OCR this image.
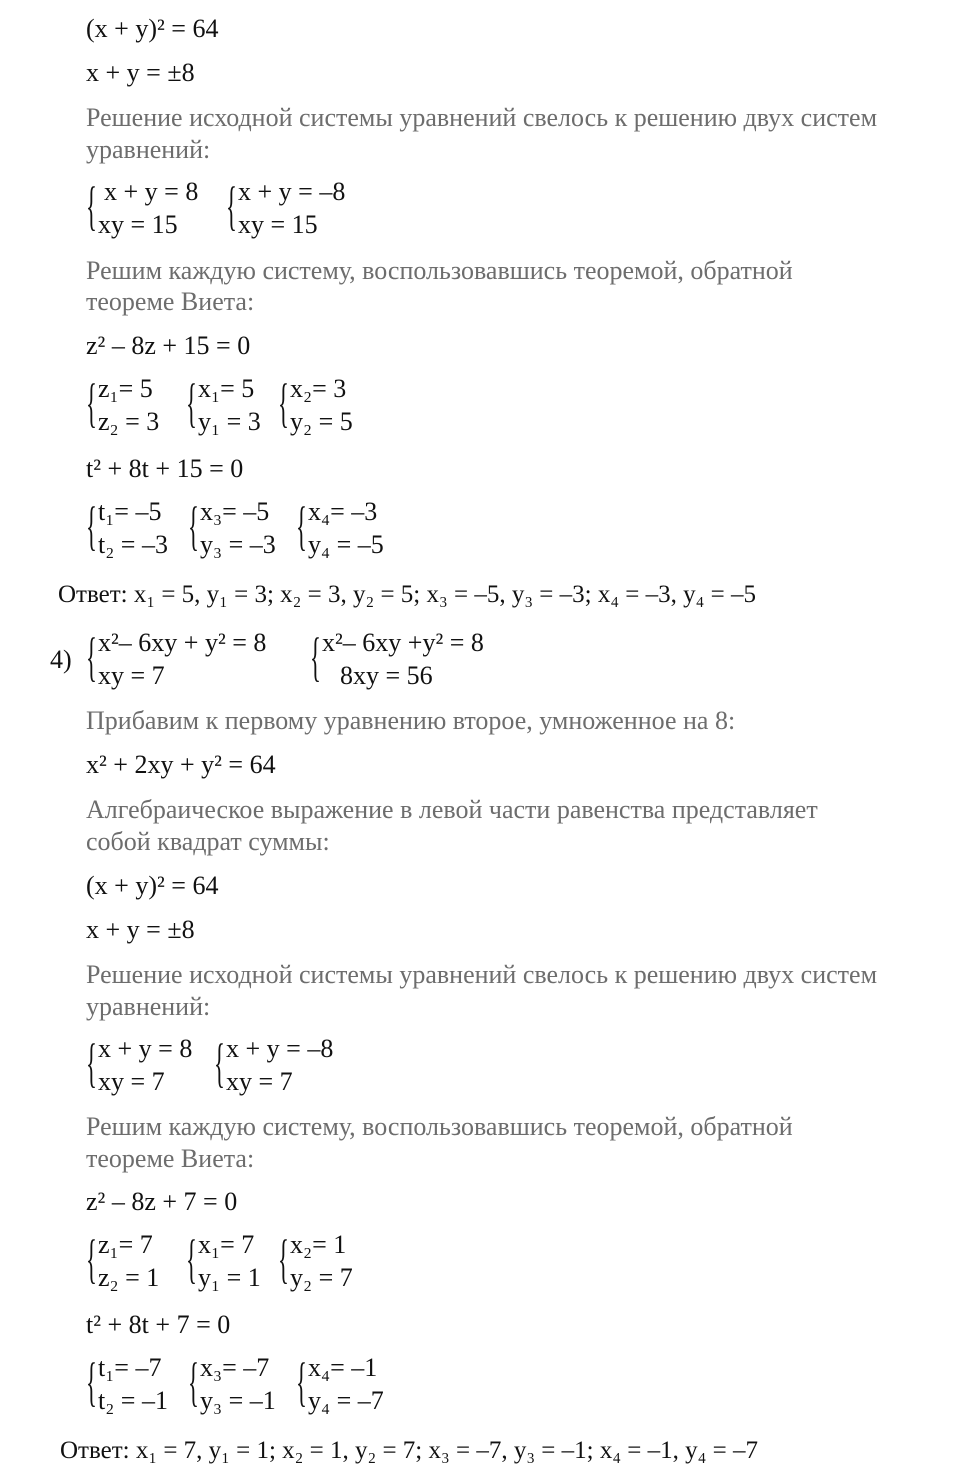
(x + y)² = 64
x + y = ±8
Решение исходной системы уравнений свелось к решению двух систем
уравнений:
{ x + y = 8
xy = 15 { x + y = –8
xy = 15
Решим каждую систему, воспользовавшись теоремой, обратной
теореме Виета:
z² – 8z + 15 = 0
{ z₁= 5
z₂ = 3 { x₁= 5
y₁ = 3 { x₂= 3
y₂ = 5
t² + 8t + 15 = 0
{ t₁= –5
t₂ = –3 { x₃= –5
y₃ = –3 { x₄= –3
y₄ = –5
Ответ: x₁ = 5, y₁ = 3; x₂ = 3, y₂ = 5; x₃ = –5, y₃ = –3; x₄ = –3, y₄ = –5
4) { x²– 6xy + y² = 8
xy = 7	{ x²– 6xy +y² = 8
8xy = 56
Прибавим к первому уравнению второе, умноженное на 8:
x² + 2xy + y² = 64
Алгебраическое выражение в левой части равенства представляет
собой квадрат суммы:
(x + y)² = 64
x + y = ±8
Решение исходной системы уравнений свелось к решению двух систем
уравнений:
{ x + y = 8
xy = 7 { x + y = –8
xy = 7
Решим каждую систему, воспользовавшись теоремой, обратной
теореме Виета:
z² – 8z + 7 = 0
{ z₁= 7
z₂ = 1 { x₁= 7
y₁ = 1 { x₂= 1
y₂ = 7
t² + 8t + 7 = 0
{ t₁= –7
t₂ = –1 { x₃= –7
y₃ = –1 { x₄= –1
y₄ = –7
Ответ: x₁ = 7, y₁ = 1; x₂ = 1, y₂ = 7; x₃ = –7, y₃ = –1; x₄ = –1, y₄ = –7
